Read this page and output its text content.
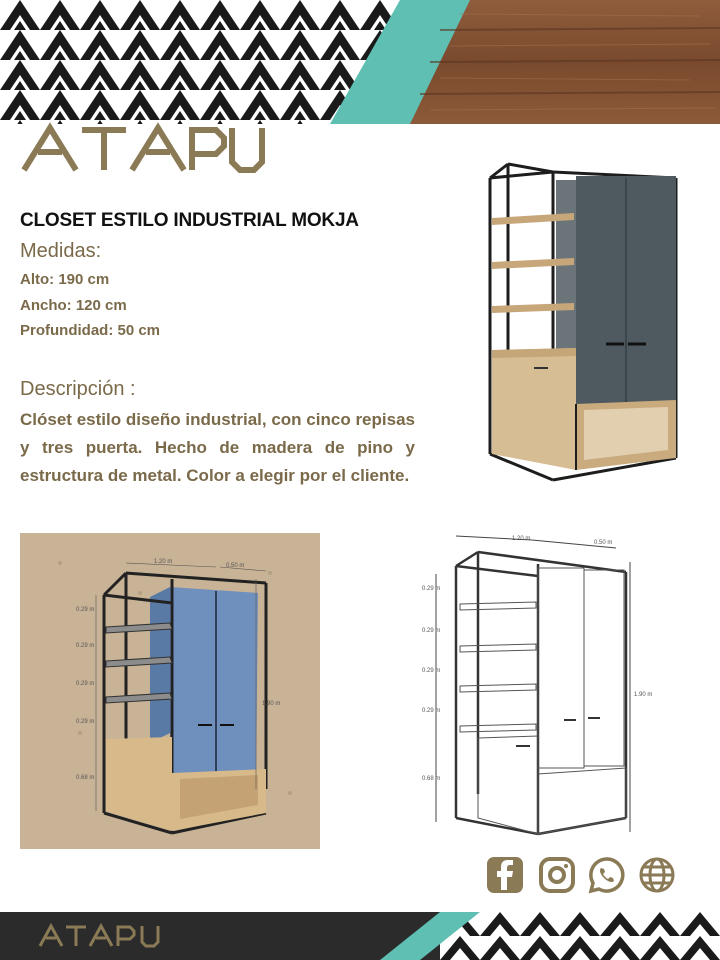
CLOSET ESTILO INDUSTRIAL MOKJA
Medidas:
Alto: 190 cm
Ancho: 120 cm
Profundidad: 50 cm
Descripción :
Clóset estilo diseño industrial, con cinco repisas y tres puerta. Hecho de madera de pino y estructura de metal. Color a elegir por el cliente.
1.20 m
0.50 m
1.90 m
0.29 m
0.29 m
0.29 m
0.29 m
0.68 m
1.20 m
0.50 m
1.90 m
0.29 m
0.29 m
0.29 m
0.29 m
0.68 m
